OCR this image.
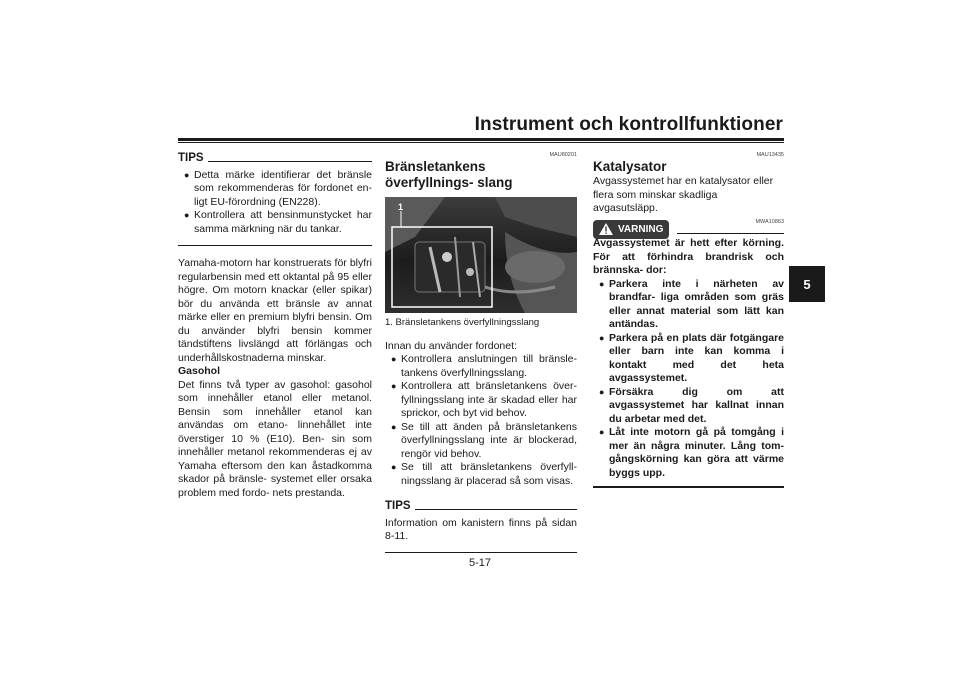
Instrument och kontrollfunktioner
5
TIPS
● Detta märke identifierar det bränsle som rekommenderas för fordonet en- ligt EU-förordning (EN228).
● Kontrollera att bensinmunstycket har samma märkning när du tankar.

Yamaha-motorn har konstruerats för blyfri regularbensin med ett oktantal på 95 eller högre. Om motorn knackar (eller spikar) bör du använda ett bränsle av annat märke eller en premium blyfri bensin. Om du använder blyfri bensin kommer tändstiftens livslängd att förlängas och underhållskostnaderna minskar.

Gasohol

Det finns två typer av gasohol: gasohol som innehåller etanol eller metanol. Bensin som innehåller etanol kan användas om etano- linnehållet inte överstiger 10 % (E10). Ben- sin som innehåller metanol rekommenderas ej av Yamaha eftersom den kan åstadkomma skador på bränsle- systemet eller orsaka problem med fordo- nets prestanda.

MAU80201
Bränsletankens överfyllnings- slang
1
1. Bränsletankens överfyllningsslang
Innan du använder fordonet:
● Kontrollera anslutningen till bränsle- tankens överfyllningsslang.
● Kontrollera att bränsletankens över- fyllningsslang inte är skadad eller har sprickor, och byt vid behov.
● Se till att änden på bränsletankens överfyllningsslang inte är blockerad, rengör vid behov.
● Se till att bränsletankens överfyll- ningsslang är placerad så som visas.
TIPS

Information om kanistern finns på sidan 8-11.

MAU13435
Katalysator

Avgassystemet har en katalysator eller flera som minskar skadliga avgasutsläpp.

VARNING
MWA10863

Avgassystemet är hett efter körning. För att förhindra brandrisk och brännska- dor:

● Parkera inte i närheten av brandfar- liga områden som gräs eller annat material som lätt kan antändas.
● Parkera på en plats där fotgängare eller barn inte kan komma i kontakt med det heta avgassystemet.
● Försäkra dig om att avgassystemet har kallnat innan du arbetar med det.
● Låt inte motorn gå på tomgång i mer än några minuter. Lång tom- gångskörning kan göra att värme byggs upp.
5-17
